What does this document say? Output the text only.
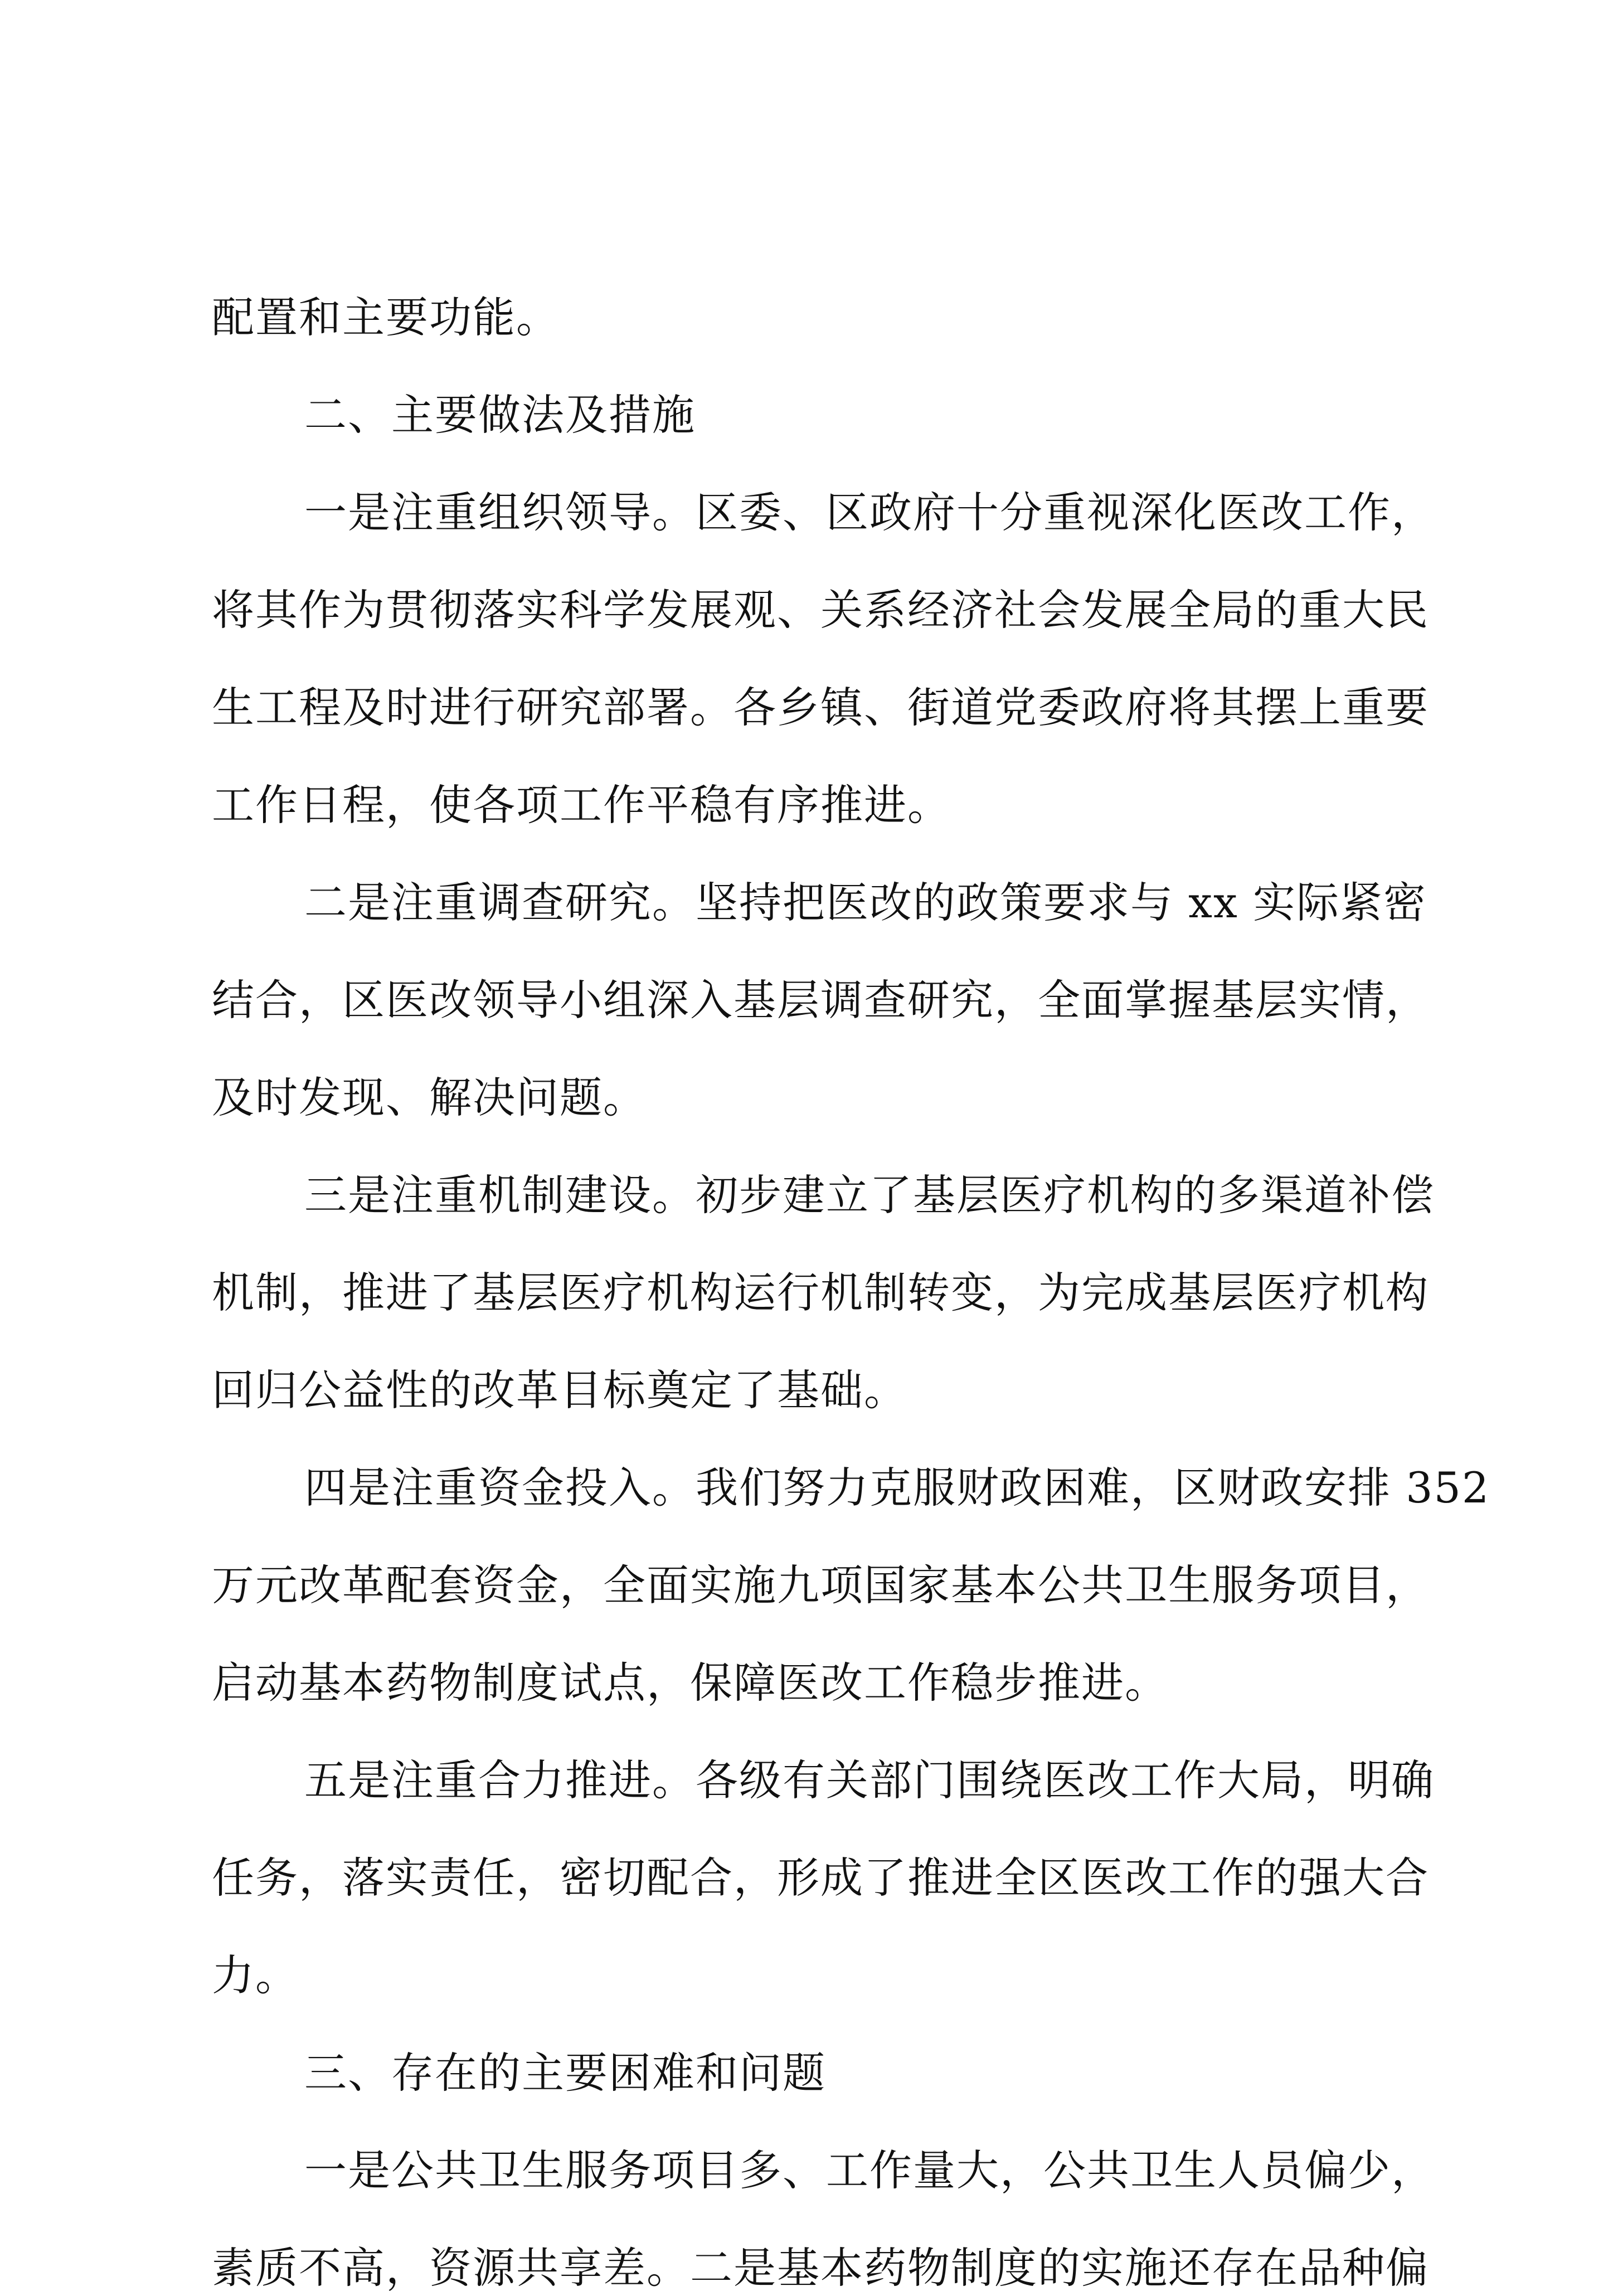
配置和主要功能。
二、主要做法及措施
一是注重组织领导。区委、区政府十分重视深化医改工作，
将其作为贯彻落实科学发展观、关系经济社会发展全局的重大民
生工程及时进行研究部署。各乡镇、街道党委政府将其摆上重要
工作日程，使各项工作平稳有序推进。
二是注重调查研究。坚持把医改的政策要求与 xx 实际紧密
结合，区医改领导小组深入基层调查研究，全面掌握基层实情，
及时发现、解决问题。
三是注重机制建设。初步建立了基层医疗机构的多渠道补偿
机制，推进了基层医疗机构运行机制转变，为完成基层医疗机构
回归公益性的改革目标奠定了基础。
四是注重资金投入。我们努力克服财政困难，区财政安排 352
万元改革配套资金，全面实施九项国家基本公共卫生服务项目，
启动基本药物制度试点，保障医改工作稳步推进。
五是注重合力推进。各级有关部门围绕医改工作大局，明确
任务，落实责任，密切配合，形成了推进全区医改工作的强大合
力。
三、存在的主要困难和问题
一是公共卫生服务项目多、工作量大，公共卫生人员偏少，
素质不高，资源共享差。二是基本药物制度的实施还存在品种偏
